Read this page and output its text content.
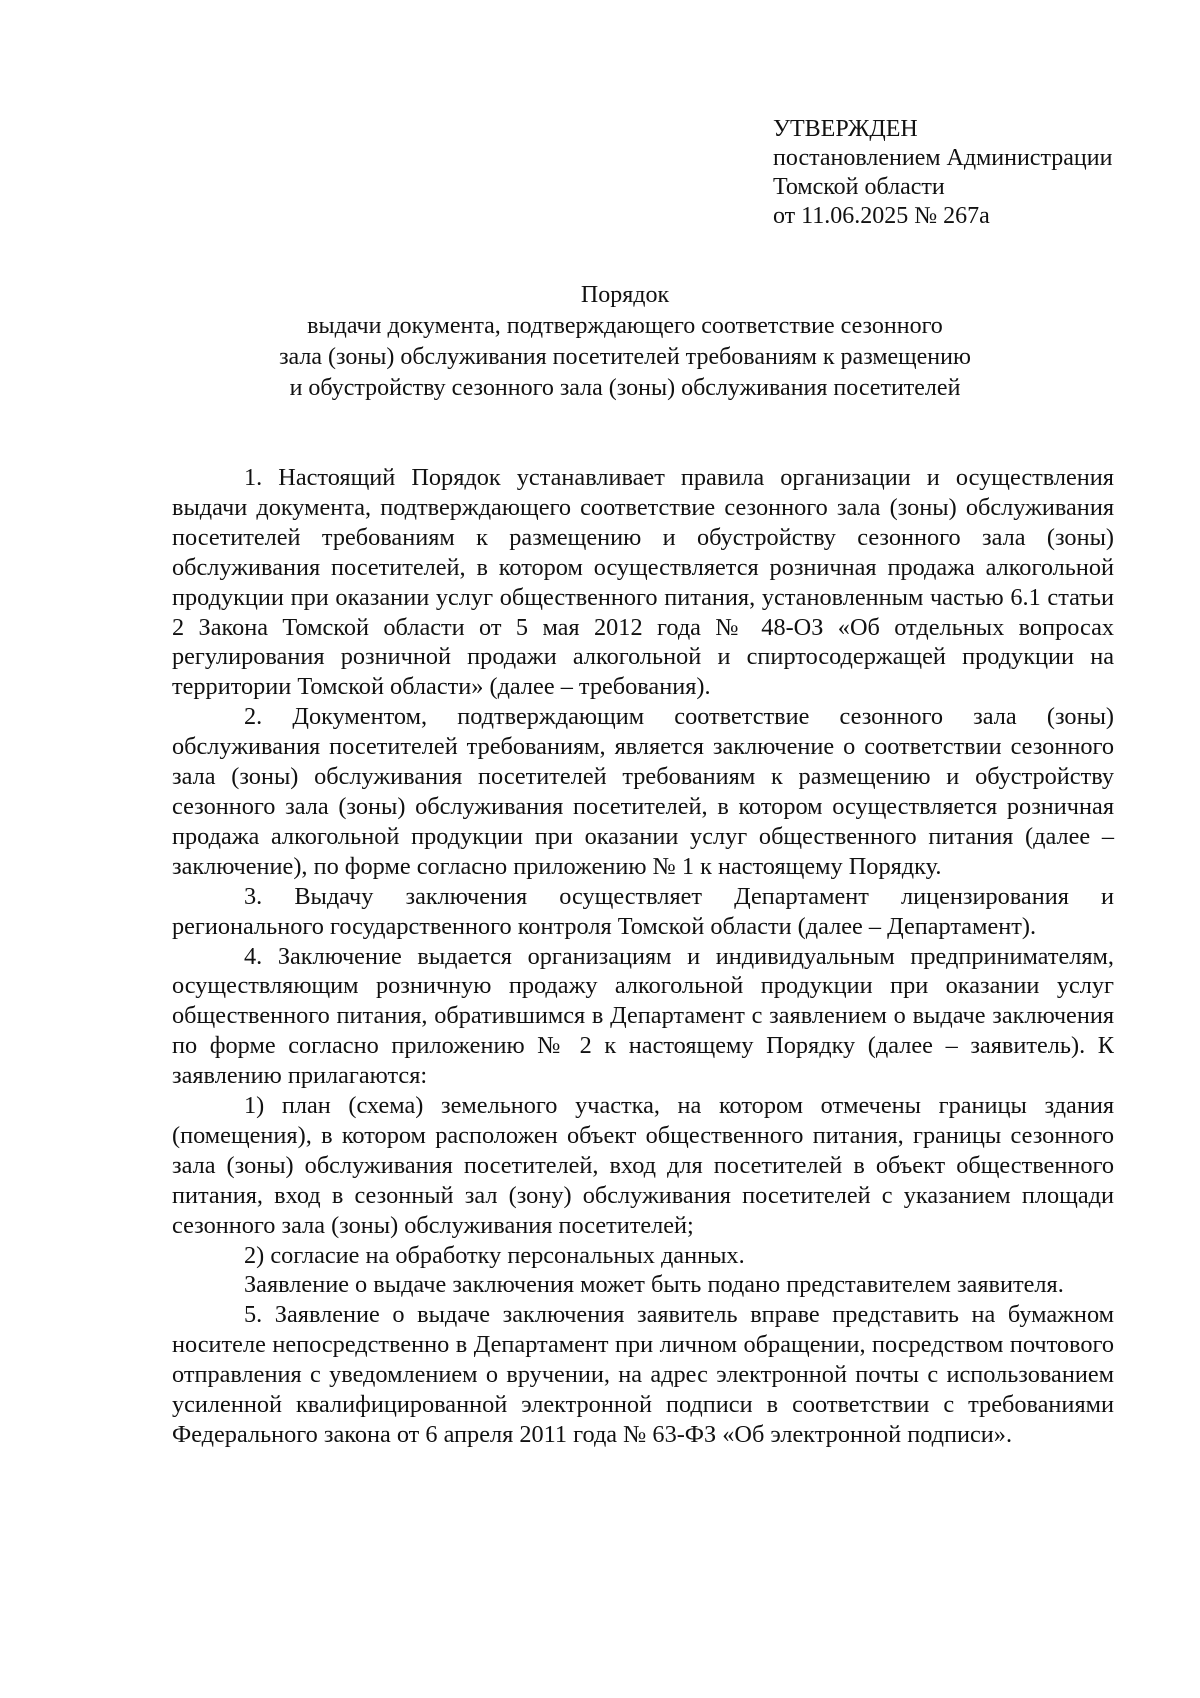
УТВЕРЖДЕН
постановлением Администрации
Томской области
от 11.06.2025 № 267а
Порядок
выдачи документа, подтверждающего соответствие сезонного
зала (зоны) обслуживания посетителей требованиям к размещению
и обустройству сезонного зала (зоны) обслуживания посетителей

1. Настоящий Порядок устанавливает правила организации и осуществления выдачи документа, подтверждающего соответствие сезонного зала (зоны) обслуживания посетителей требованиям к размещению и обустройству сезонного зала (зоны) обслуживания посетителей, в котором осуществляется розничная продажа алкогольной продукции при оказании услуг общественного питания, установленным частью 6.1 статьи 2 Закона Томской области от 5 мая 2012 года № 48-ОЗ «Об отдельных вопросах регулирования розничной продажи алкогольной и спиртосодержащей продукции на территории Томской области» (далее – требования).

2. Документом, подтверждающим соответствие сезонного зала (зоны) обслуживания посетителей требованиям, является заключение о соответствии сезонного зала (зоны) обслуживания посетителей требованиям к размещению и обустройству сезонного зала (зоны) обслуживания посетителей, в котором осуществляется розничная продажа алкогольной продукции при оказании услуг общественного питания (далее – заключение), по форме согласно приложению № 1 к настоящему Порядку.

3. Выдачу заключения осуществляет Департамент лицензирования и регионального государственного контроля Томской области (далее – Департамент).

4. Заключение выдается организациям и индивидуальным предпринимателям, осуществляющим розничную продажу алкогольной продукции при оказании услуг общественного питания, обратившимся в Департамент с заявлением о выдаче заключения по форме согласно приложению № 2 к настоящему Порядку (далее – заявитель). К заявлению прилагаются:

1) план (схема) земельного участка, на котором отмечены границы здания (помещения), в котором расположен объект общественного питания, границы сезонного зала (зоны) обслуживания посетителей, вход для посетителей в объект общественного питания, вход в сезонный зал (зону) обслуживания посетителей с указанием площади сезонного зала (зоны) обслуживания посетителей;

2) согласие на обработку персональных данных.

Заявление о выдаче заключения может быть подано представителем заявителя.

5. Заявление о выдаче заключения заявитель вправе представить на бумажном носителе непосредственно в Департамент при личном обращении, посредством почтового отправления с уведомлением о вручении, на адрес электронной почты с использованием усиленной квалифицированной электронной подписи в соответствии с требованиями Федерального закона от 6 апреля 2011 года № 63-ФЗ «Об электронной подписи».
